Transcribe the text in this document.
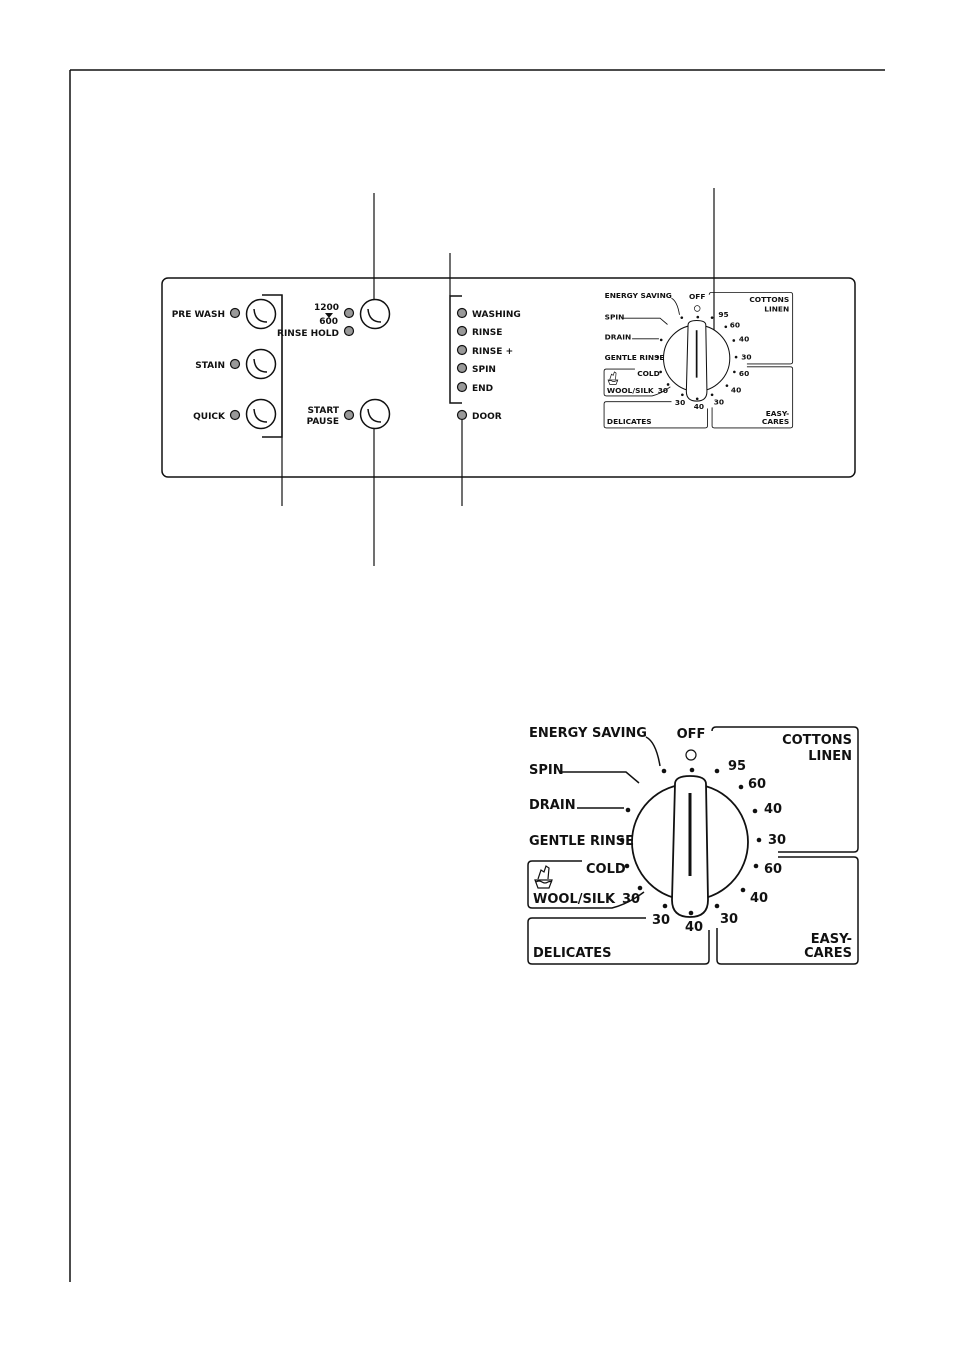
PRE WASH
STAIN
QUICK
1200
600
RINSE HOLD
START
PAUSE
WASHING
RINSE
RINSE +
SPIN
END
DOOR
ENERGY SAVING OFF
SPIN
DRAIN
GENTLE RINSE
COLD
WOOL/SILK 30
DELICATES
30 40
COTTONS
LINEN
EASY-
CARES
95
60
40
30
60
40
30
ENERGY SAVING OFF
SPIN
DRAIN
GENTLE RINSE
COLD
WOOL/SILK 30
DELICATES
30 40
COTTONS
LINEN
EASY-
CARES
95
60
40
30
60
40
30
